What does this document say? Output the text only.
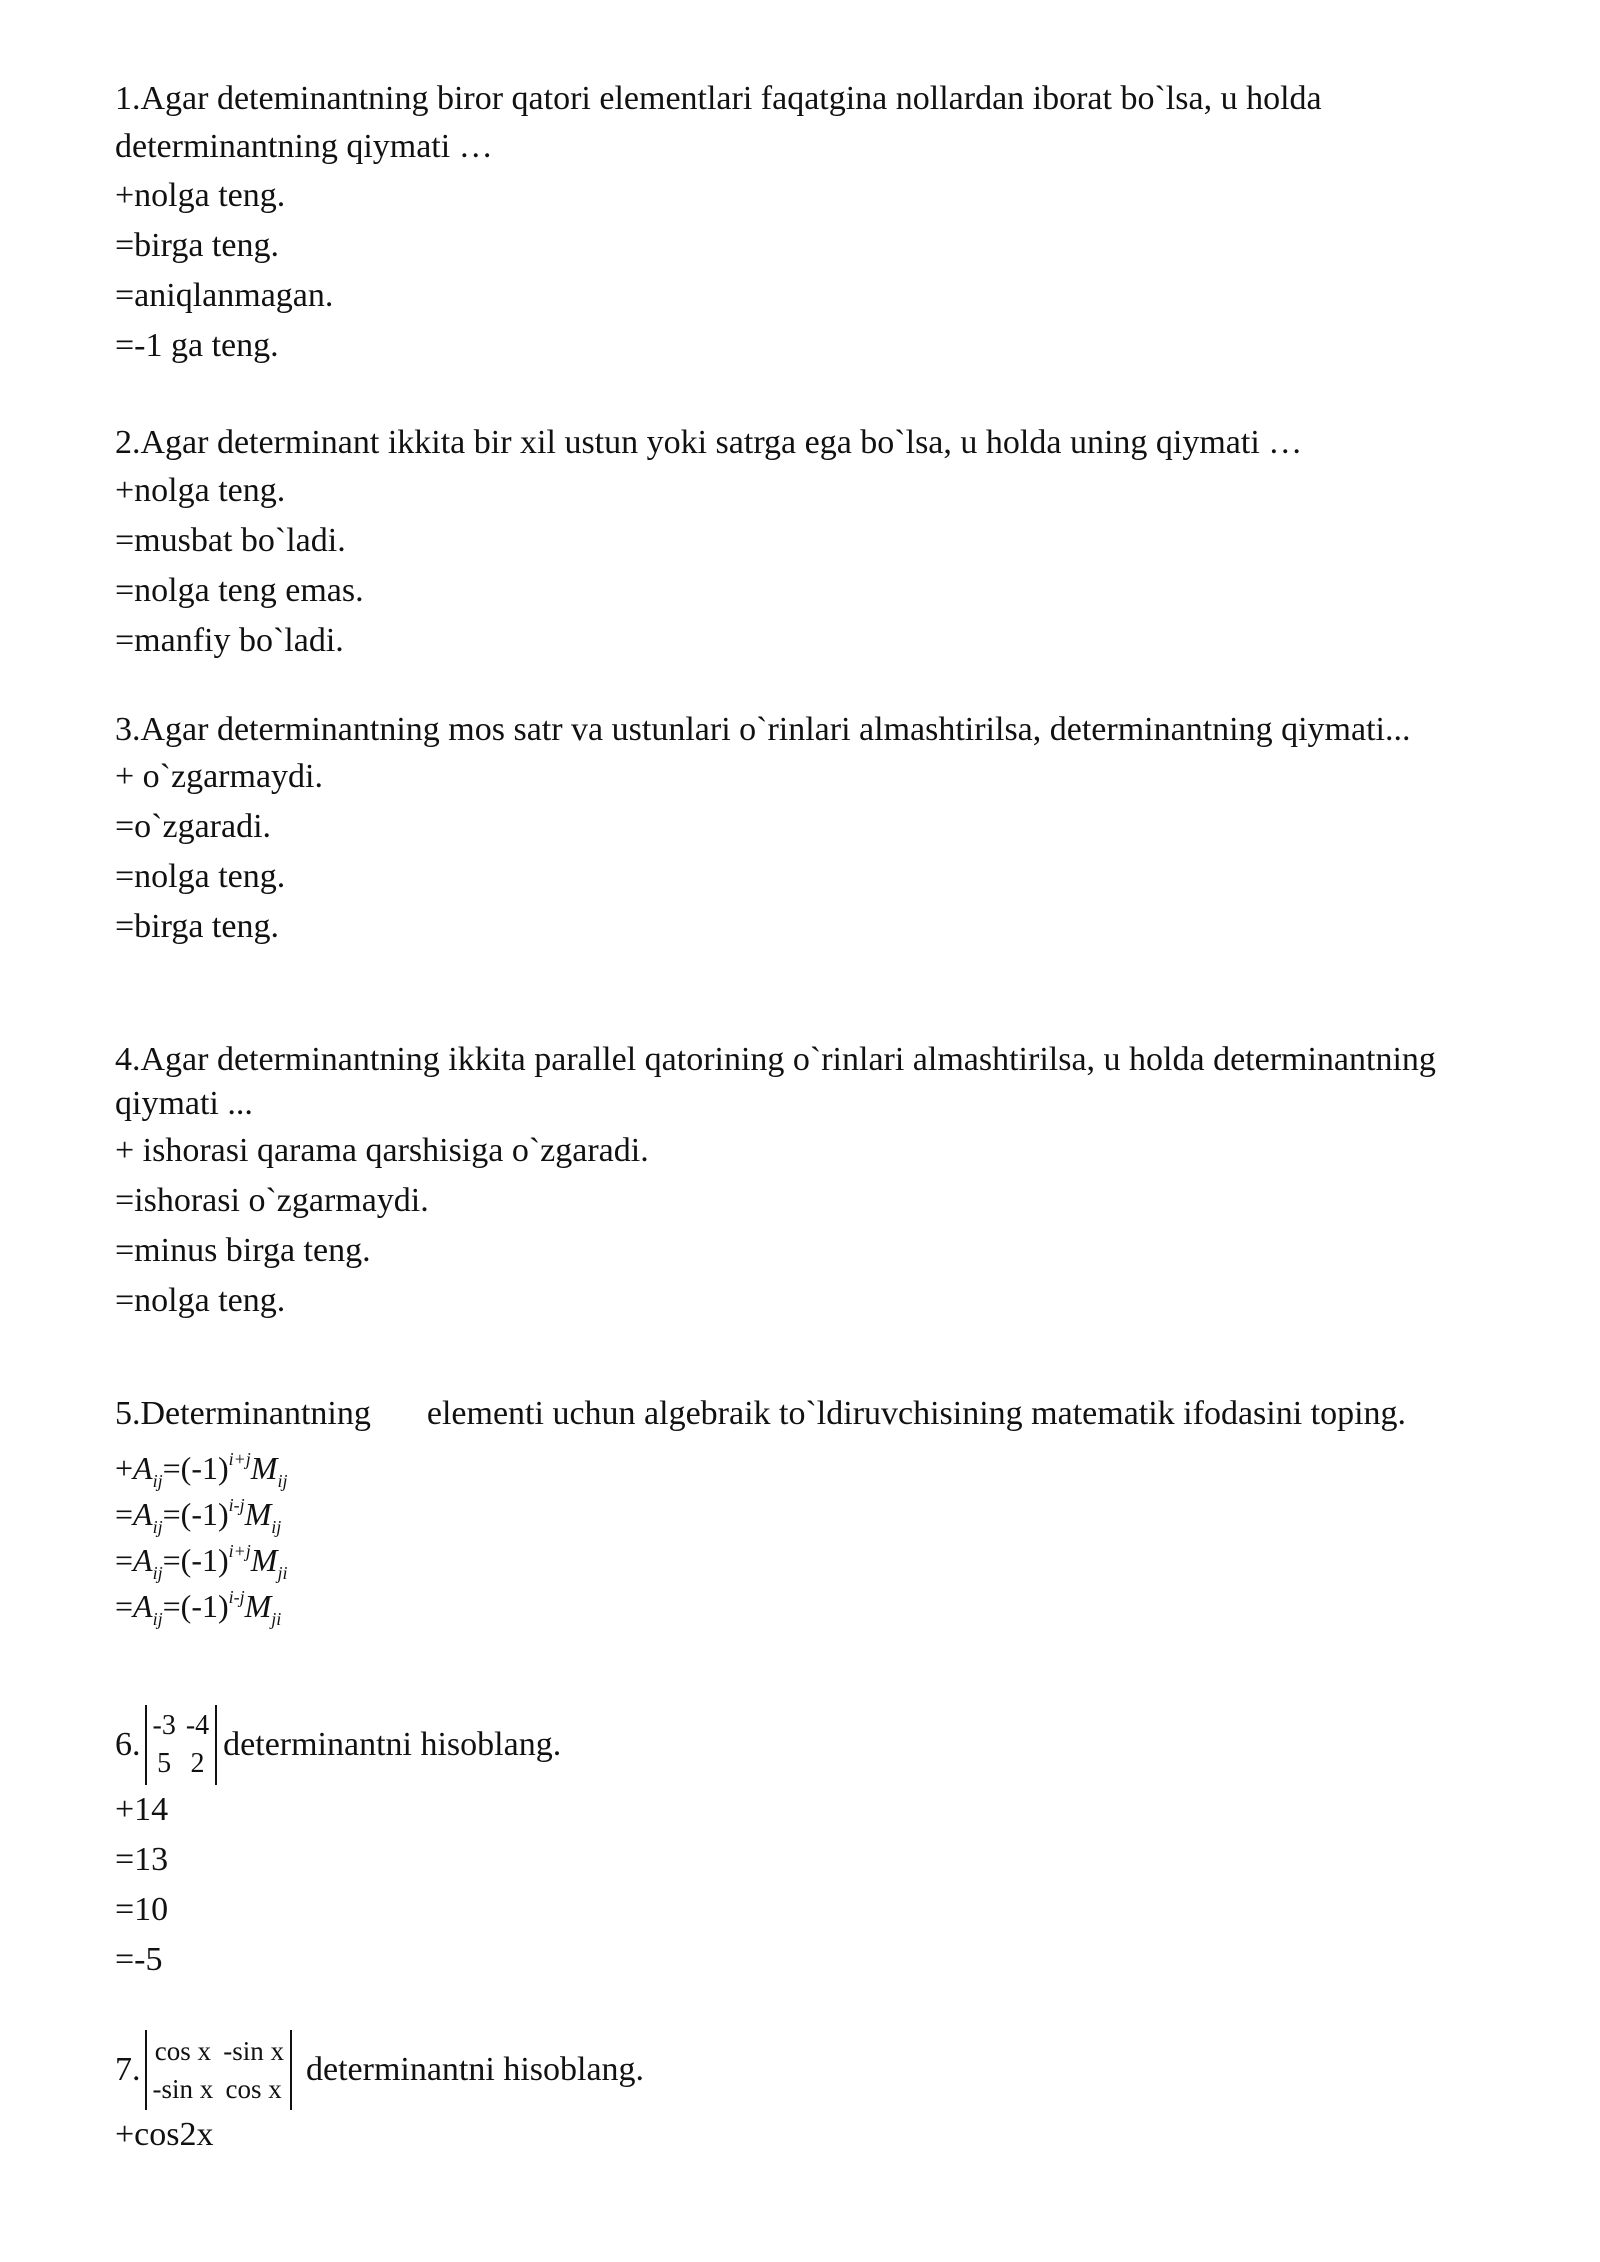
1.Agar deteminantning biror qatori elementlari faqatgina nollardan iborat bo`lsa, u holda determinantning qiymati …
+nolga teng.
=birga teng.
=aniqlanmagan.
=-1 ga teng.
2.Agar determinant ikkita bir xil ustun yoki satrga ega bo`lsa, u holda uning qiymati …
+nolga teng.
=musbat bo`ladi.
=nolga teng emas.
=manfiy bo`ladi.
3.Agar determinantning mos satr va ustunlari o`rinlari almashtirilsa, determinantning qiymati...
+ o`zgarmaydi.
=o`zgaradi.
=nolga teng.
=birga teng.
4.Agar determinantning ikkita parallel qatorining o`rinlari almashtirilsa, u holda determinantning qiymati ...
+ ishorasi qarama qarshisiga o`zgaradi.
=ishorasi o`zgarmaydi.
=minus birga teng.
=nolga teng.
5.Determinantning elementi uchun algebraik to`ldiruvchisining matematik ifodasini toping.
$+A_{ij}=(-1)^{i+j}M_{ij}$
$=A_{ij}=(-1)^{i-j}M_{ij}$
$=A_{ij}=(-1)^{i+j}M_{ji}$
$=A_{ij}=(-1)^{i-j}M_{ji}$
6.
-3 -4
5 2
determinantni hisoblang.
+14
=13
=10
=-5
7. cos x -sin x
-sin x cos x
determinantni hisoblang.
+cos2x
